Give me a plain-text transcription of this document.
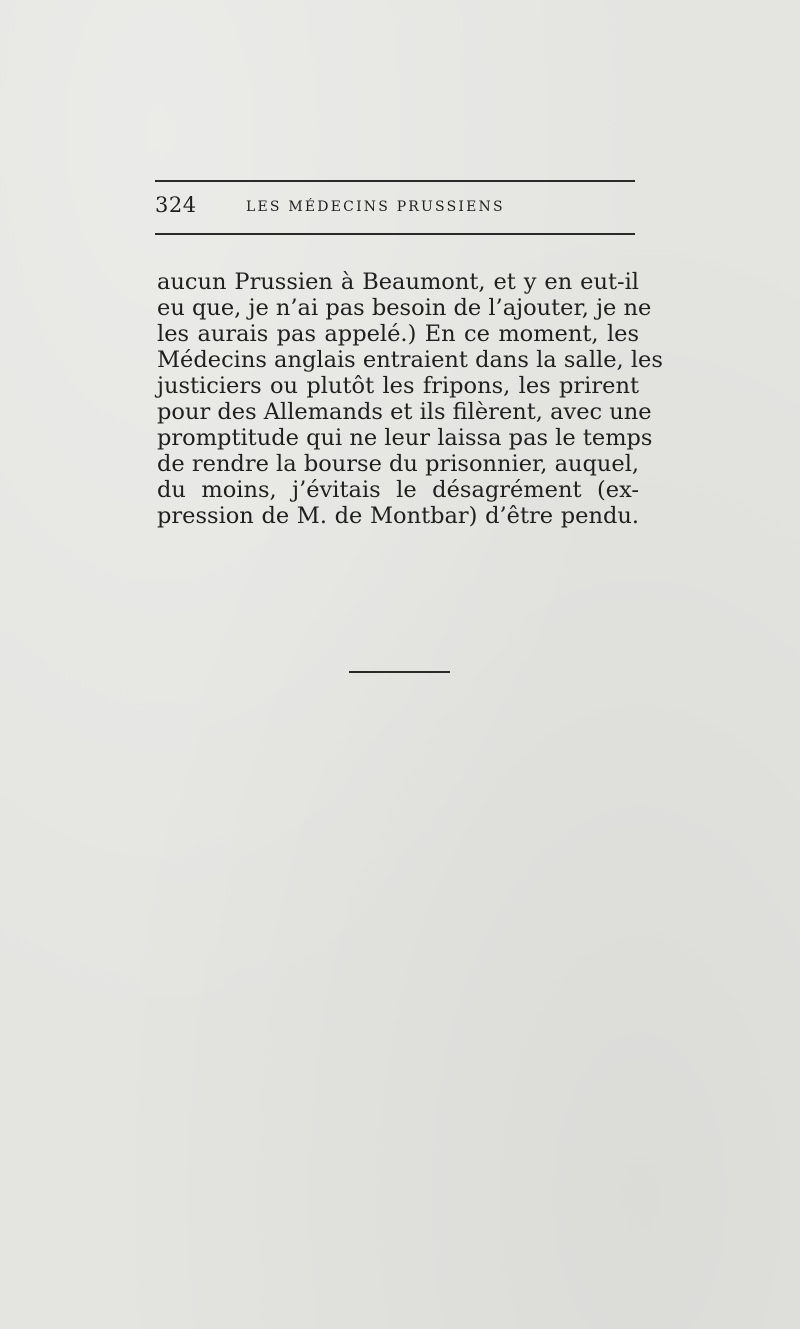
324	LES MÉDECINS PRUSSIENS

aucun Prussien à Beaumont, et y en eut-il
eu que, je n’ai pas besoin de l’ajouter, je ne
les aurais pas appelé.) En ce moment, les
Médecins anglais entraient dans la salle, les
justiciers ou plutôt les fripons, les prirent
pour des Allemands et ils filèrent, avec une
promptitude qui ne leur laissa pas le temps
de rendre la bourse du prisonnier, auquel,
du moins, j’évitais le désagrément (ex-
pression de M. de Montbar) d’être pendu.
